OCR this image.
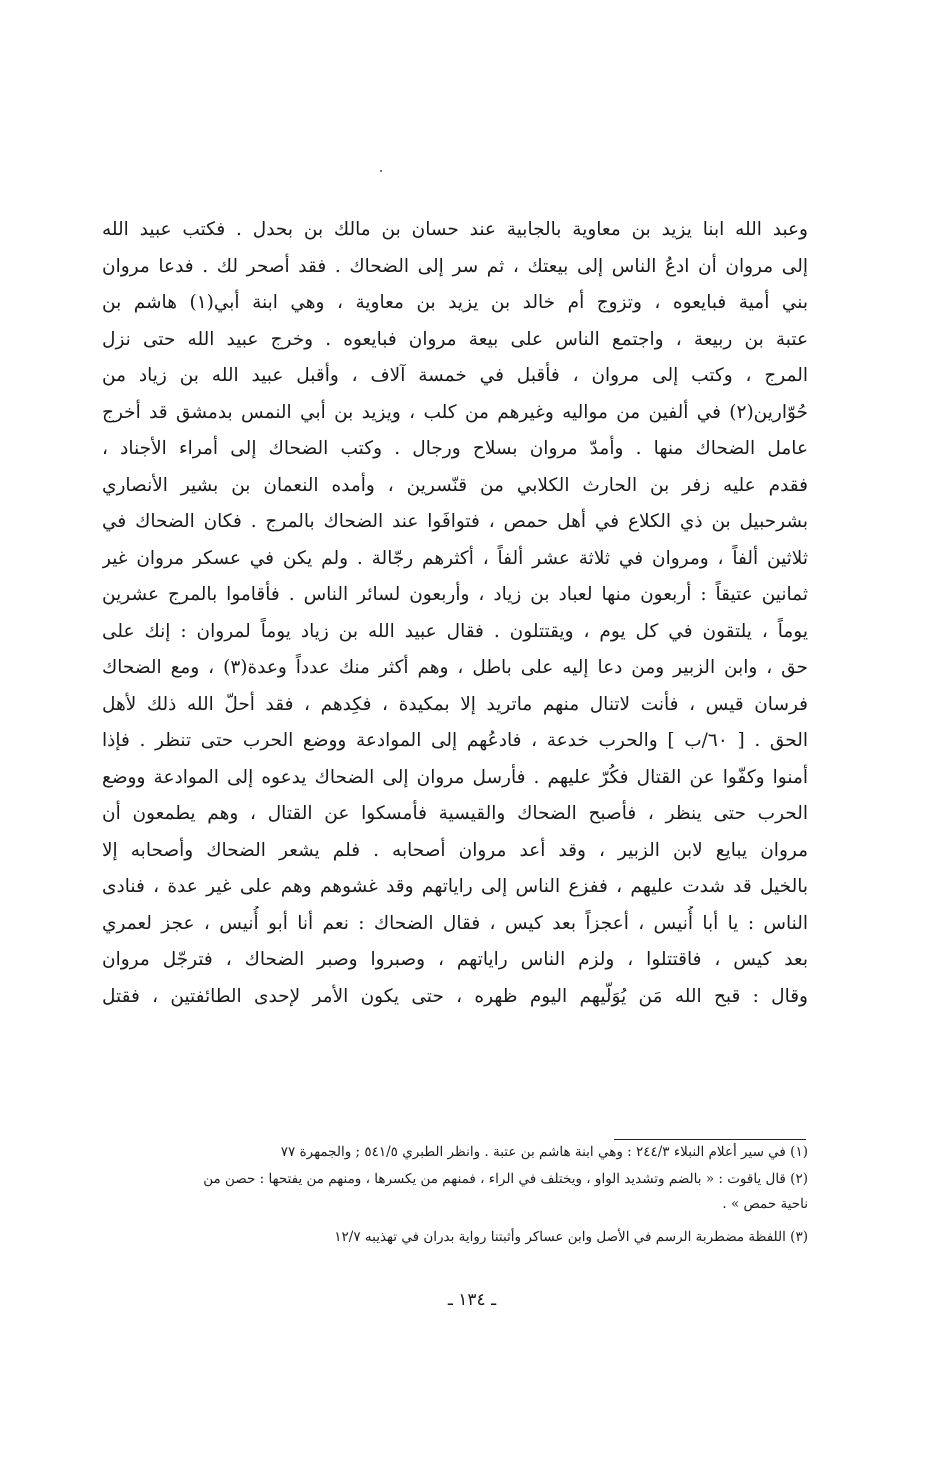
وعبد الله ابنا يزيد بن معاوية بالجابية عند حسان بن مالك بن بحدل . فكتب عبيد الله
إلى مروان أن ادعُ الناس إلى بيعتك ، ثم سر إلى الضحاك . فقد أصحر لك . فدعا مروان
بني أمية فبايعوه ، وتزوج أم خالد بن يزيد بن معاوية ، وهي ابنة أبي(١) هاشم بن
عتبة بن ربيعة ، واجتمع الناس على بيعة مروان فبايعوه . وخرج عبيد الله حتى نزل
المرج ، وكتب إلى مروان ، فأقبل في خمسة آلاف ، وأقبل عبيد الله بن زياد من
حُوّارين(٢) في ألفين من مواليه وغيرهم من كلب ، ويزيد بن أبي النمس بدمشق قد أخرج
عامل الضحاك منها . وأمدّ مروان بسلاح ورجال . وكتب الضحاك إلى أمراء الأجناد ،
فقدم عليه زفر بن الحارث الكلابي من قنّسرين ، وأمده النعمان بن بشير الأنصاري
بشرحبيل بن ذي الكلاع في أهل حمص ، فتوافَوا عند الضحاك بالمرج . فكان الضحاك في
ثلاثين ألفاً ، ومروان في ثلاثة عشر ألفاً ، أكثرهم رجّالة . ولم يكن في عسكر مروان غير
ثمانين عتيقاً : أربعون منها لعباد بن زياد ، وأربعون لسائر الناس . فأقاموا بالمرج عشرين
يوماً ، يلتقون في كل يوم ، ويقتتلون . فقال عبيد الله بن زياد يوماً لمروان : إنك على
حق ، وابن الزبير ومن دعا إليه على باطل ، وهم أكثر منك عدداً وعدة(٣) ، ومع الضحاك
فرسان قيس ، فأنت لاتنال منهم ماتريد إلا بمكيدة ، فكِدهم ، فقد أحلّ الله ذلك لأهل
الحق . [ ٦٠/ب ] والحرب خدعة ، فادعُهم إلى الموادعة ووضع الحرب حتى تنظر . فإذا
أمنوا وكفّوا عن القتال فكُرّ عليهم . فأرسل مروان إلى الضحاك يدعوه إلى الموادعة ووضع
الحرب حتى ينظر ، فأصبح الضحاك والقيسية فأمسكوا عن القتال ، وهم يطمعون أن
مروان يبايع لابن الزبير ، وقد أعد مروان أصحابه . فلم يشعر الضحاك وأصحابه إلا
بالخيل قد شدت عليهم ، ففزع الناس إلى راياتهم وقد غشوهم وهم على غير عدة ، فنادى
الناس : يا أبا أُنيس ، أعجزاً بعد كيس ، فقال الضحاك : نعم أنا أبو أُنيس ، عجز لعمري
بعد كيس ، فاقتتلوا ، ولزم الناس راياتهم ، وصبروا وصبر الضحاك ، فترجّل مروان
وقال : قبح الله مَن يُوَلّيهم اليوم ظهره ، حتى يكون الأمر لإحدى الطائفتين ، فقتل
(١) في سير أعلام النبلاء ٢٤٤/٣ : وهي ابنة هاشم بن عتبة . وانظر الطبري ٥٤١/٥ ; والجمهرة ٧٧
(٢) قال ياقوت : « بالضم وتشديد الواو ، ويختلف في الراء ، فمنهم من يكسرها ، ومنهم من يفتحها : حصن من
ناحية حمص » .
(٣) اللفظة مضطربة الرسم في الأصل وابن عساكر وأثبتنا رواية بدران في تهذيبه ١٢/٧
ـ ١٣٤ ـ
